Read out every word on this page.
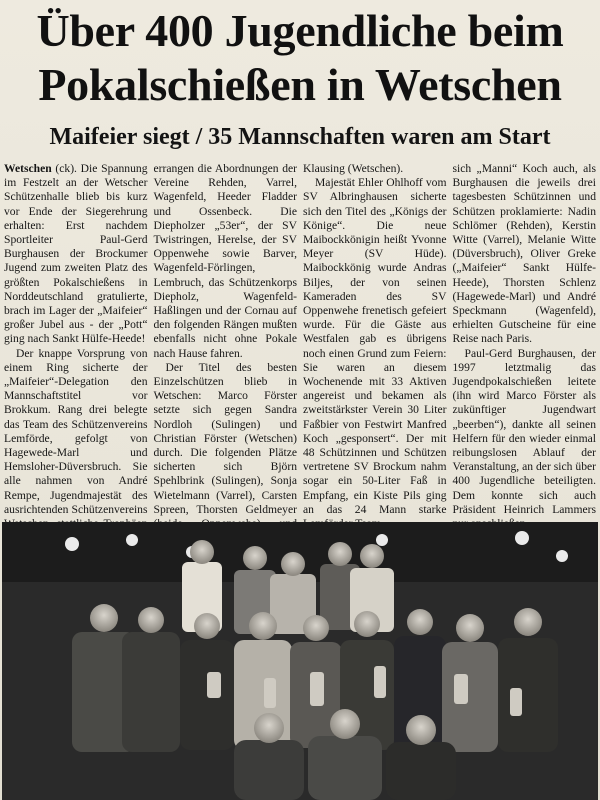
Über 400 Jugendliche beim
Pokalschießen in Wetschen
Maifeier siegt / 35 Mannschaften waren am Start

Wetschen (ck). Die Spannung im Festzelt an der Wetscher Schützenhalle blieb bis kurz vor Ende der Siegerehrung erhalten: Erst nachdem Sportleiter Paul-Gerd Burghausen der Brockumer Jugend zum zweiten Platz des größten Pokalschießens in Norddeutschland gratulierte, brach im Lager der „Maifeier“ großer Jubel aus - der „Pott“ ging nach Sankt Hülfe-Heede!

Der knappe Vorsprung von einem Ring sicherte der „Maifeier“-Delegation den Mannschaftstitel vor Brokkum. Rang drei belegte das Team des Schützenvereins Lemförde, gefolgt von Hagewede-Marl und Hemsloher-Düversbruch. Sie alle nahmen von André Rempe, Jugendmajestät des ausrichtenden Schützenvereins

errangen die Abordnungen der Vereine Rehden, Varrel, Wagenfeld, Heeder Fladder und Ossenbeck. Die Diepholzer „53er“, der SV Twistringen, Herelse, der SV Oppenwehe sowie Barver, Wagenfeld-Förlingen, Lembruch, das Schützenkorps Diepholz, Wagenfeld-Haßlingen und der Cornau auf den folgenden Rängen mußten ebenfalls nicht ohne Pokale nach Hause fahren.

Der Titel des besten Einzelschützen blieb in Wetschen: Marco Förster setzte sich gegen Sandra Nordloh (Sulingen) und Christian Förster (Wetschen) durch. Die folgenden Plätze sicherten sich Björn Spehlbrink (Sulingen), Sonja Wietelmann (Varrel), Carsten Spreen, Thorsten Geldmeyer

Klausing (Wetschen).

Majestät Ehler Ohlhoff vom SV Albringhausen sicherte sich den Titel des „Königs der Könige“. Die neue Maibockkönigin heißt Yvonne Meyer (SV Hüde). Maibockkönig wurde Andras Biljes, der von seinen Kameraden des SV Oppenwehe frenetisch gefeiert wurde. Für die Gäste aus Westfalen gab es übrigens noch einen Grund zum Feiern: Sie waren an diesem Wochenende mit 33 Aktiven angereist und bekamen als zweitstärkster Verein 30 Liter Faßbier von Festwirt Manfred Koch „gesponsert“. Der mit 48 Schützinnen und Schützen vertretene SV Brockum nahm sogar ein 50-Liter Faß in Empfang, ein Kiste Pils ging an das 24 Mann starke

sich „Manni“ Koch auch, als Burghausen die jeweils drei tagesbesten Schützinnen und Schützen proklamierte: Nadin Schlömer (Rehden), Kerstin Witte (Varrel), Melanie Witte (Düversbruch), Oliver Greke („Maifeier“ Sankt Hülfe-Heede), Thorsten Schlenz (Hagewede-Marl) und André Speckmann (Wagenfeld), erhielten Gutscheine für eine Reise nach Paris.

Paul-Gerd Burghausen, der 1997 letztmalig das Jugendpokalschießen leitete (ihn wird Marco Förster als zukünftiger Jugendwart „beerben“), dankte all seinen Helfern für den wieder einmal reibungslosen Ablauf der Veranstaltung, an der sich über 400 Jugendliche beteiligten. Dem konnte sich auch Präsident Heinrich Lammers
